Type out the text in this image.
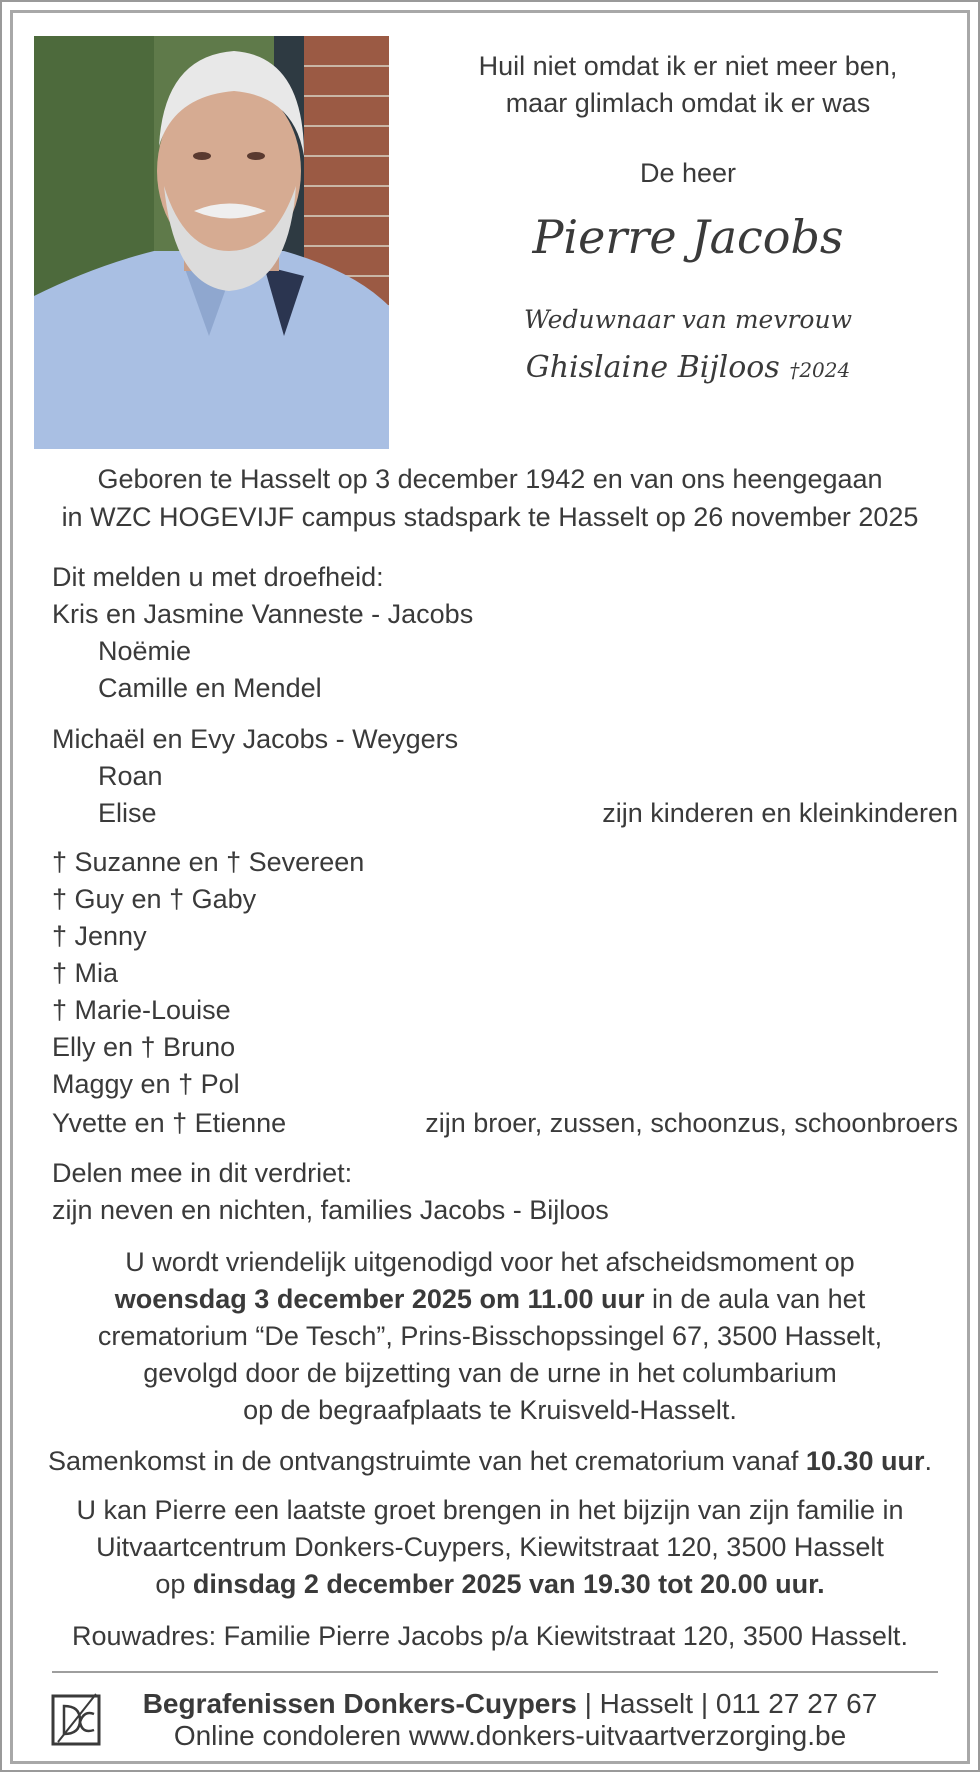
Huil niet omdat ik er niet meer ben,
maar glimlach omdat ik er was
De heer
Pierre Jacobs
Weduwnaar van mevrouw
Ghislaine Bijloos †2024
Geboren te Hasselt op 3 december 1942 en van ons heengegaan
in WZC HOGEVIJF campus stadspark te Hasselt op 26 november 2025
Dit melden u met droefheid:
Kris en Jasmine Vanneste - Jacobs
Noëmie
Camille en Mendel
Michaël en Evy Jacobs - Weygers
Roan
Elise	zijn kinderen en kleinkinderen
† Suzanne en † Severeen
† Guy en † Gaby
† Jenny
† Mia
† Marie-Louise
Elly en † Bruno
Maggy en † Pol
Yvette en † Etienne	zijn broer, zussen, schoonzus, schoonbroers
Delen mee in dit verdriet:
zijn neven en nichten, families Jacobs - Bijloos
U wordt vriendelijk uitgenodigd voor het afscheidsmoment op
woensdag 3 december 2025 om 11.00 uur in de aula van het
crematorium “De Tesch”, Prins-Bisschopssingel 67, 3500 Hasselt,
gevolgd door de bijzetting van de urne in het columbarium
op de begraafplaats te Kruisveld-Hasselt.
Samenkomst in de ontvangstruimte van het crematorium vanaf 10.30 uur.
U kan Pierre een laatste groet brengen in het bijzijn van zijn familie in
Uitvaartcentrum Donkers-Cuypers, Kiewitstraat 120, 3500 Hasselt
op dinsdag 2 december 2025 van 19.30 tot 20.00 uur.
Rouwadres: Familie Pierre Jacobs p/a Kiewitstraat 120, 3500 Hasselt.
Begrafenissen Donkers-Cuypers | Hasselt | 011 27 27 67
Online condoleren www.donkers-uitvaartverzorging.be
